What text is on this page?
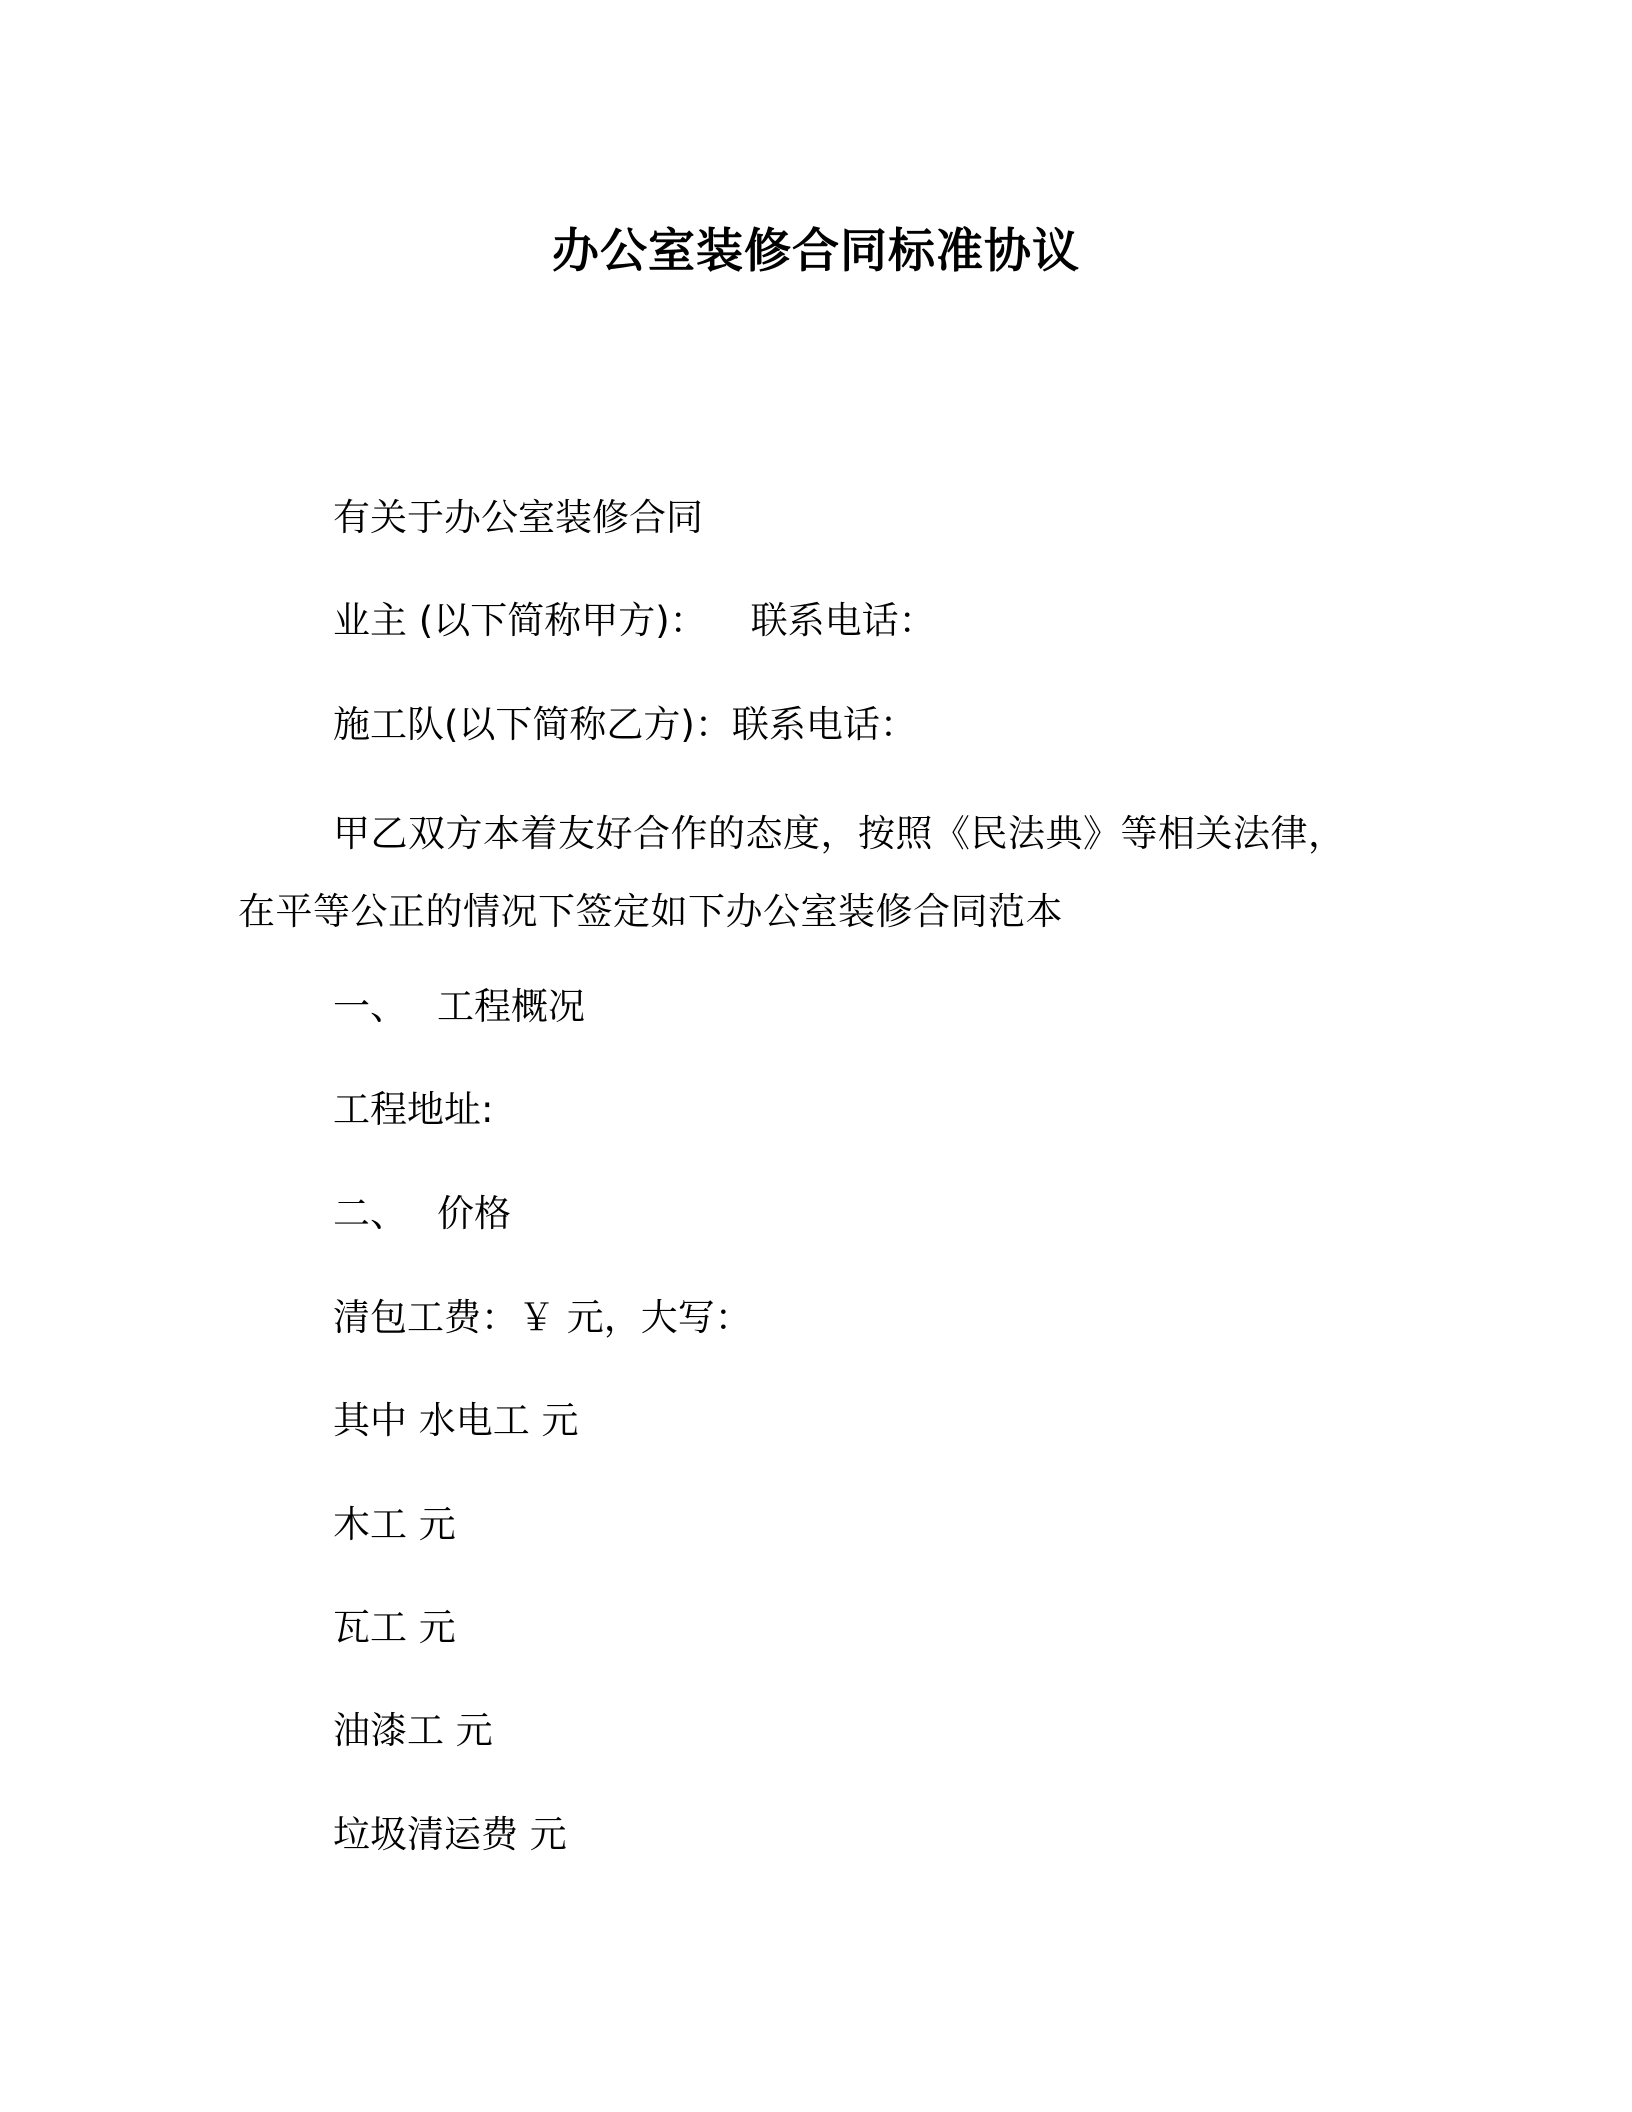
办公室装修合同标准协议
有关于办公室装修合同
业主 (以下简称甲方)： 联系电话：
施工队(以下简称乙方)：联系电话：
甲乙双方本着友好合作的态度，按照《民法典》等相关法律，在平等公正的情况下签定如下办公室装修合同范本
一、 工程概况
工程地址:
二、 价格
清包工费：￥ 元，大写：
其中 水电工 元
木工 元
瓦工 元
油漆工 元
垃圾清运费 元
